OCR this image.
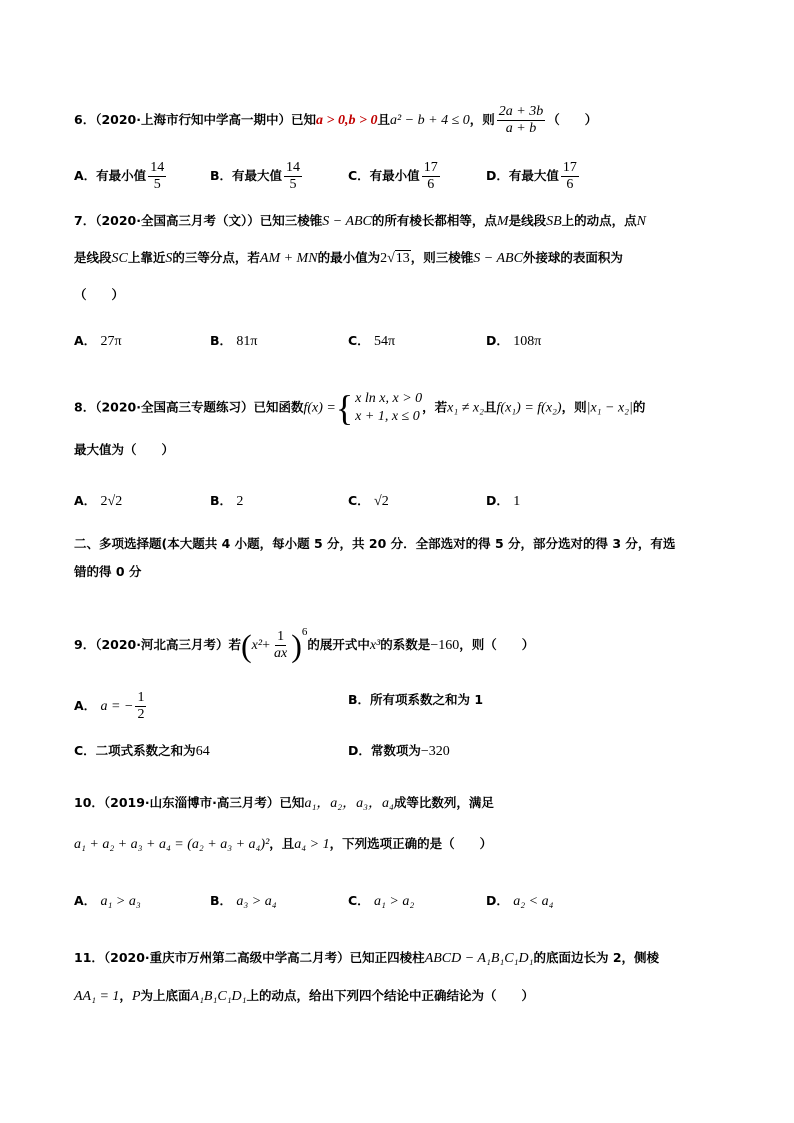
6．（2020·上海市行知中学高一期中）已知a > 0,b > 0且a² − b + 4 ≤ 0，则 $\frac{2a + 3b}{a + b}$ （　　）
A．有最小值 $\frac{14}{5}$	B．有最大值 $\frac{14}{5}$	C．有最小值 $\frac{17}{6}$	D．有最大值 $\frac{17}{6}$
7．（2020·全国高三月考（文））已知三棱锥S − ABC的所有棱长都相等，点M是线段SB上的动点，点N
是线段SC上靠近S的三等分点，若AM + MN的最小值为2√13，则三棱锥S − ABC外接球的表面积为
（　　）
A． 27π	B． 81π	C． 54π	D． 108π
8．（2020·全国高三专题练习）已知函数f(x) = { x ln x, x > 0
x + 1, x ≤ 0
，若x₁ ≠ x₂且f(x₁) = f(x₂)，则|x₁ − x₂|的
最大值为（　　）
A． 2√2	B． 2	C． √2	D． 1
二、多项选择题(本大题共 4 小题，每小题 5 分，共 20 分．全部选对的得 5 分，部分选对的得 3 分，有选
错的得 0 分
9．（2020·河北高三月考）若$(x^2+ \frac{1}{ax} )^6$的展开式中x³的系数是−160，则（　　）
A． a = − $\frac{1}{2}$	B．所有项系数之和为 1
C．二项式系数之和为64	D．常数项为−320
10．（2019·山东淄博市·高三月考）已知a₁，a₂，a₃，a₄成等比数列，满足
a₁ + a₂ + a₃ + a₄ = (a₂ + a₃ + a₄)²，且a₄ > 1，下列选项正确的是（　　）
A． a₁ > a₃	B． a₃ > a₄	C． a₁ > a₂	D． a₂ < a₄
11．（2020·重庆市万州第二高级中学高二月考）已知正四棱柱ABCD − A₁B₁C₁D₁的底面边长为 2，侧棱
AA₁ = 1，P为上底面A₁B₁C₁D₁上的动点，给出下列四个结论中正确结论为（　　）
